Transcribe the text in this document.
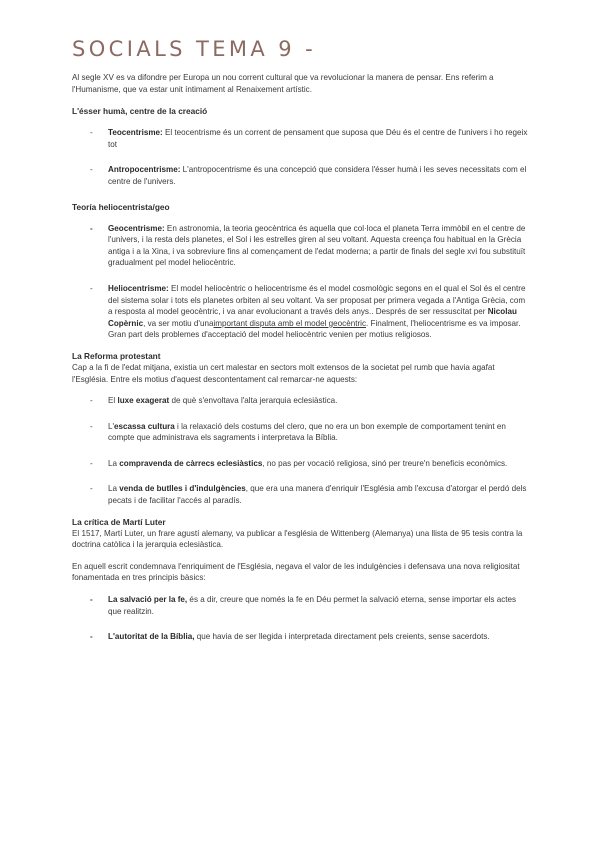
SOCIALS TEMA 9 -

Al segle XV es va difondre per Europa un nou corrent cultural que va revolucionar la manera de pensar. Ens referim a l'Humanisme, que va estar unit íntimament al Renaixement artístic.

L'ésser humà, centre de la creació
- Teocentrisme: El teocentrisme és un corrent de pensament que suposa que Déu és el centre de l'univers i ho regeix tot
- Antropocentrisme: L'antropocentrisme és una concepció que considera l'ésser humà i les seves necessitats com el centre de l'univers.
Teoría heliocentrista/geo
- Geocentrisme: En astronomia, la teoria geocèntrica és aquella que col·loca el planeta Terra immòbil en el centre de l'univers, i la resta dels planetes, el Sol i les estrelles giren al seu voltant. Aquesta creença fou habitual en la Grècia antiga i a la Xina, i va sobreviure fins al començament de l'edat moderna; a partir de finals del segle xvi fou substituït gradualment pel model heliocèntric.
- Heliocentrisme: El model heliocèntric o heliocentrisme és el model cosmològic segons en el qual el Sol és el centre del sistema solar i tots els planetes orbiten al seu voltant. Va ser proposat per primera vegada a l'Antiga Grècia, com a resposta al model geocèntric, i va anar evolucionant a través dels anys.. Després de ser ressuscitat per Nicolau Copèrnic, va ser motiu d'unaimportant disputa amb el model geocèntric. Finalment, l'heliocentrisme es va imposar. Gran part dels problemes d'acceptació del model heliocèntric venien per motius religiosos.
La Reforma protestant

Cap a la fi de l'edat mitjana, existia un cert malestar en sectors molt extensos de la societat pel rumb que havia agafat l'Església. Entre els motius d'aquest descontentament cal remarcar-ne aquests:

- El luxe exagerat de què s'envoltava l'alta jerarquia eclesiàstica.
- L'escassa cultura i la relaxació dels costums del clero, que no era un bon exemple de comportament tenint en compte que administrava els sagraments i interpretava la Bíblia.
- La compravenda de càrrecs eclesiàstics, no pas per vocació religiosa, sinó per treure'n beneficis econòmics.
- La venda de butlles i d'indulgències, que era una manera d'enriquir l'Església amb l'excusa d'atorgar el perdó dels pecats i de facilitar l'accés al paradís.
La crítica de Martí Luter

El 1517, Martí Luter, un frare agustí alemany, va publicar a l'església de Wittenberg (Alemanya) una llista de 95 tesis contra la doctrina catòlica i la jerarquia eclesiàstica.

En aquell escrit condemnava l'enriquiment de l'Església, negava el valor de les indulgències i defensava una nova religiositat fonamentada en tres principis bàsics:

- La salvació per la fe, és a dir, creure que només la fe en Déu permet la salvació eterna, sense importar els actes que realitzin.
- L'autoritat de la Bíblia, que havia de ser llegida i interpretada directament pels creients, sense sacerdots.
